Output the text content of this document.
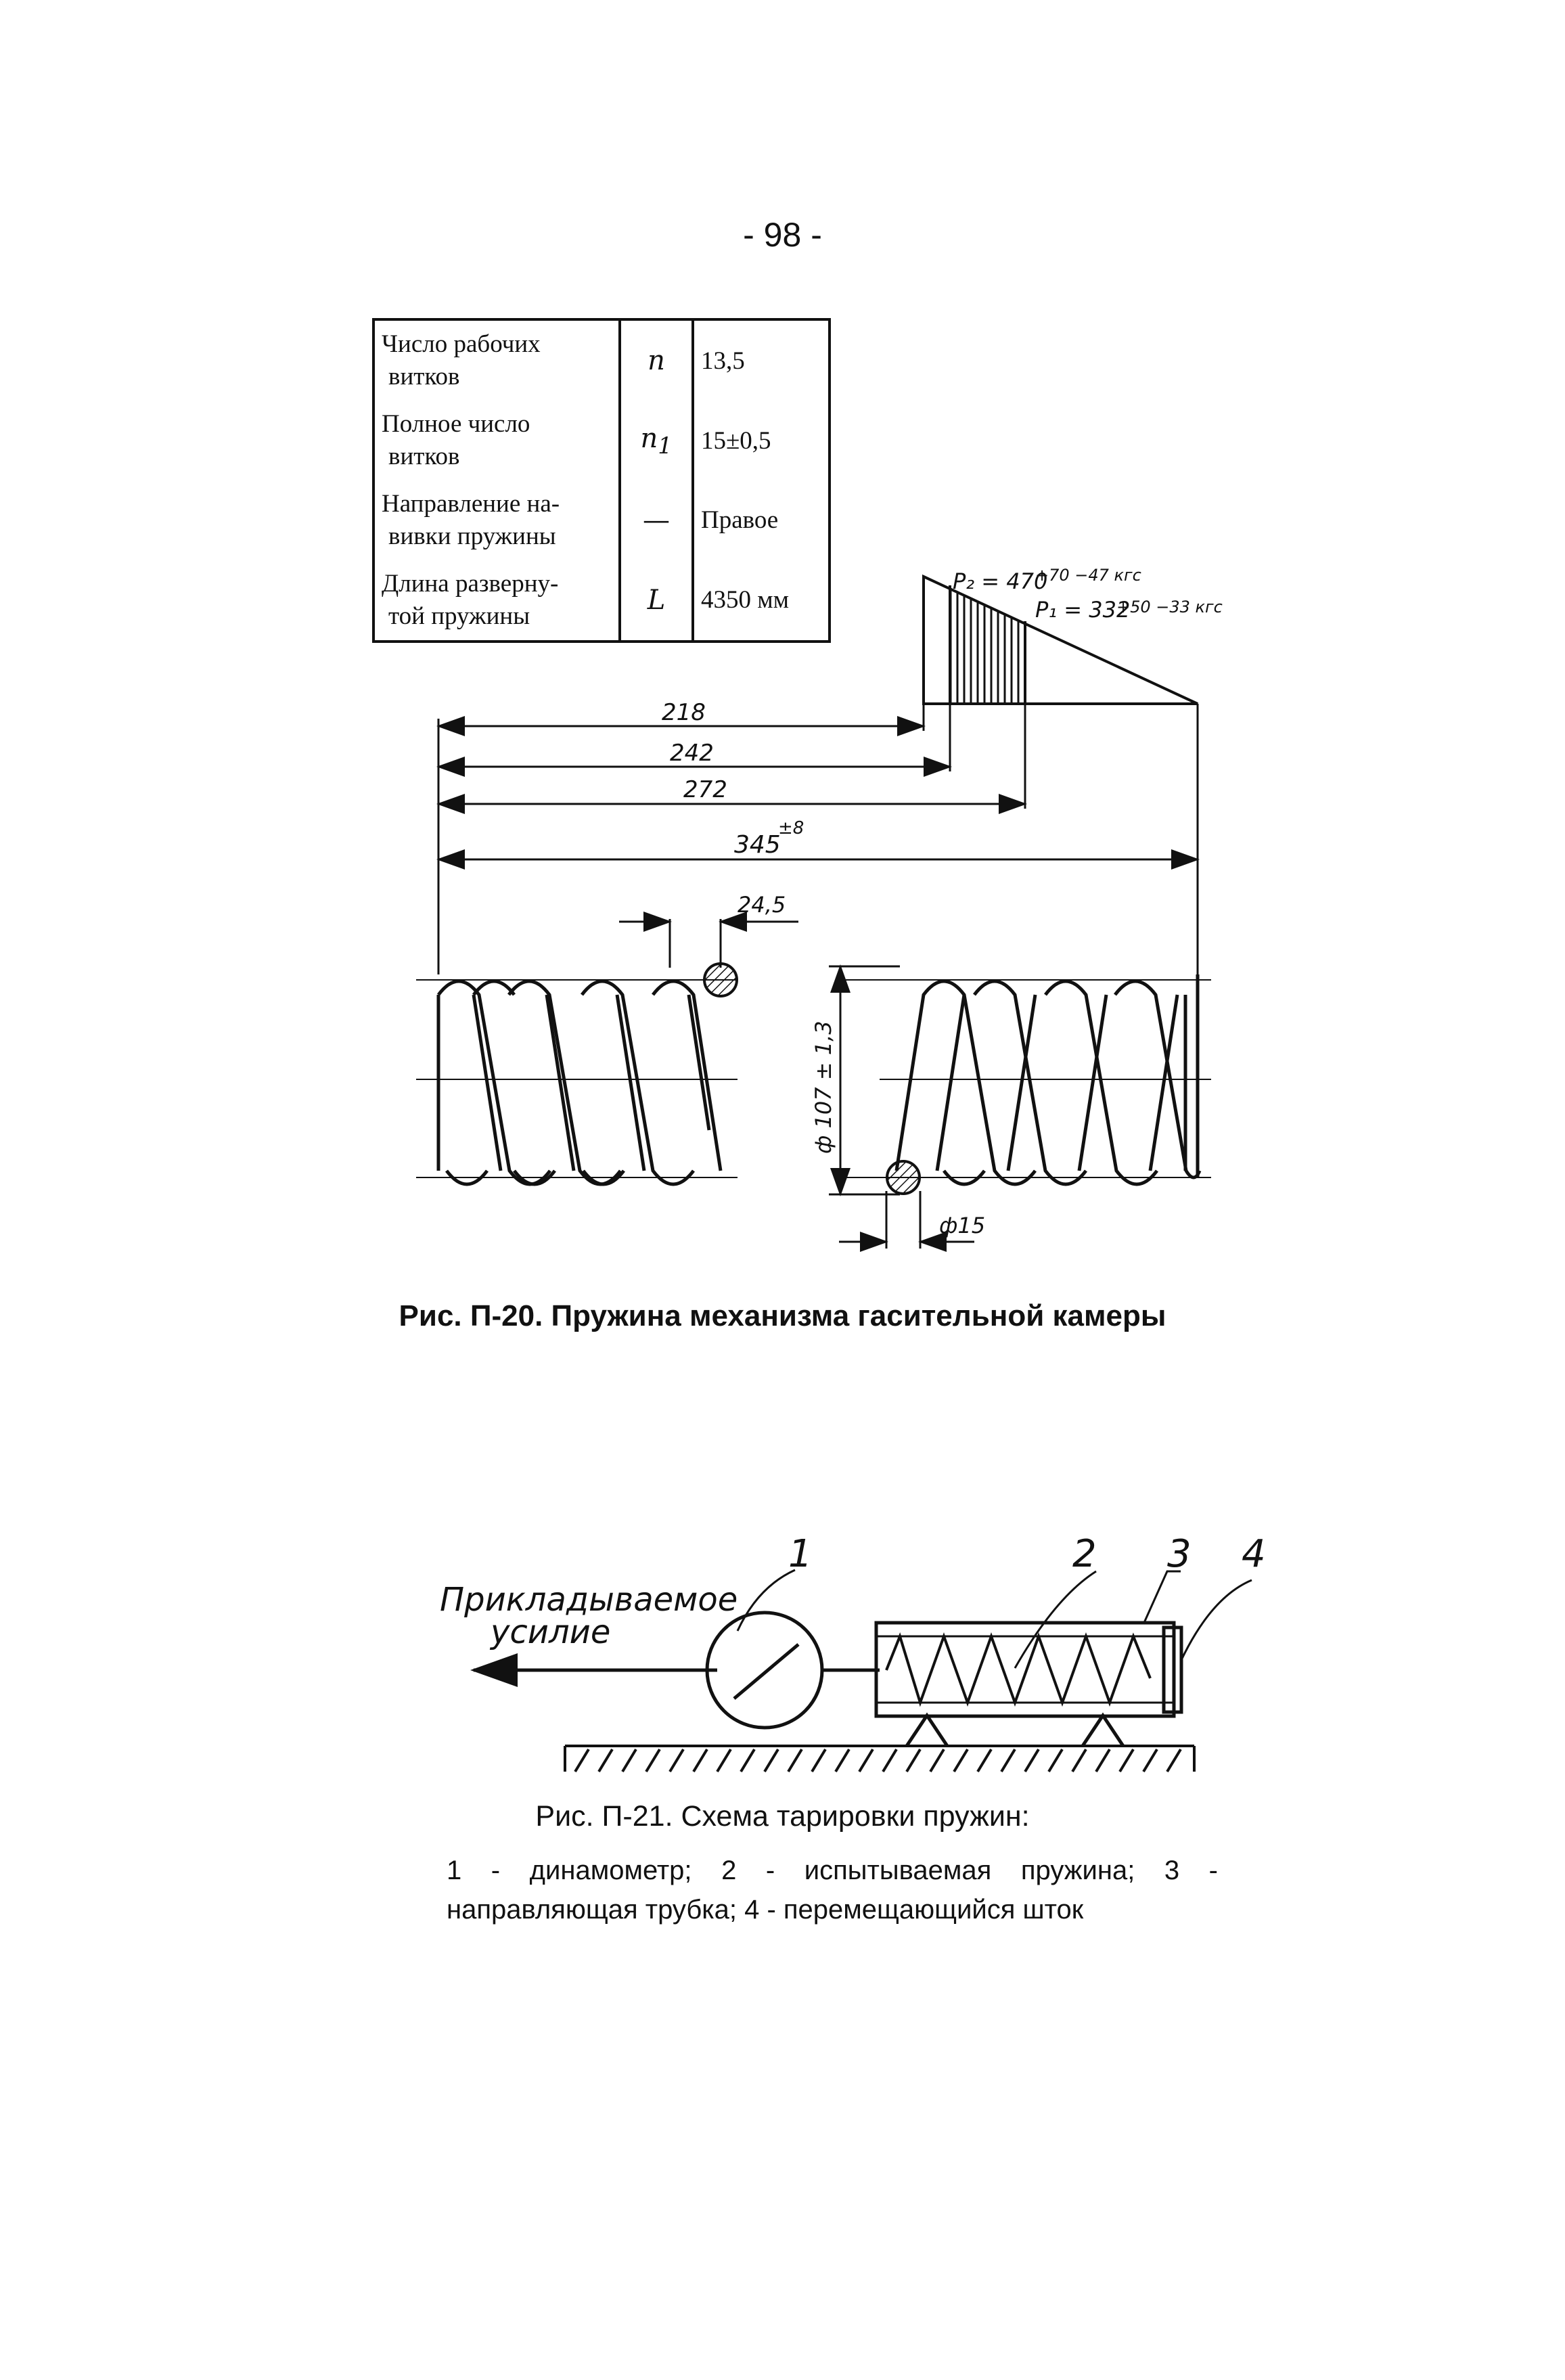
- 98 -
Число рабочих
витков	n	13,5

Полное число
витков	$n_1$	15±0,5

Направление на-
вивки пружины	—	Правое

Длина разверну-
той пружины	L	4350 мм
P₂ = 470
+70 −47 кгс
P₁ = 332
+50 −33 кгс
218
242
272
345
±8
24,5
ф 107 ± 1,3
ф15
Рис. П-20. Пружина механизма гасительной камеры
Прикладываемое
усилие
1	2 3 4
Рис. П-21. Схема тарировки пружин:
1 - динамометр; 2 - испытываемая пружина; 3 - направляющая трубка; 4 - перемещающийся шток
